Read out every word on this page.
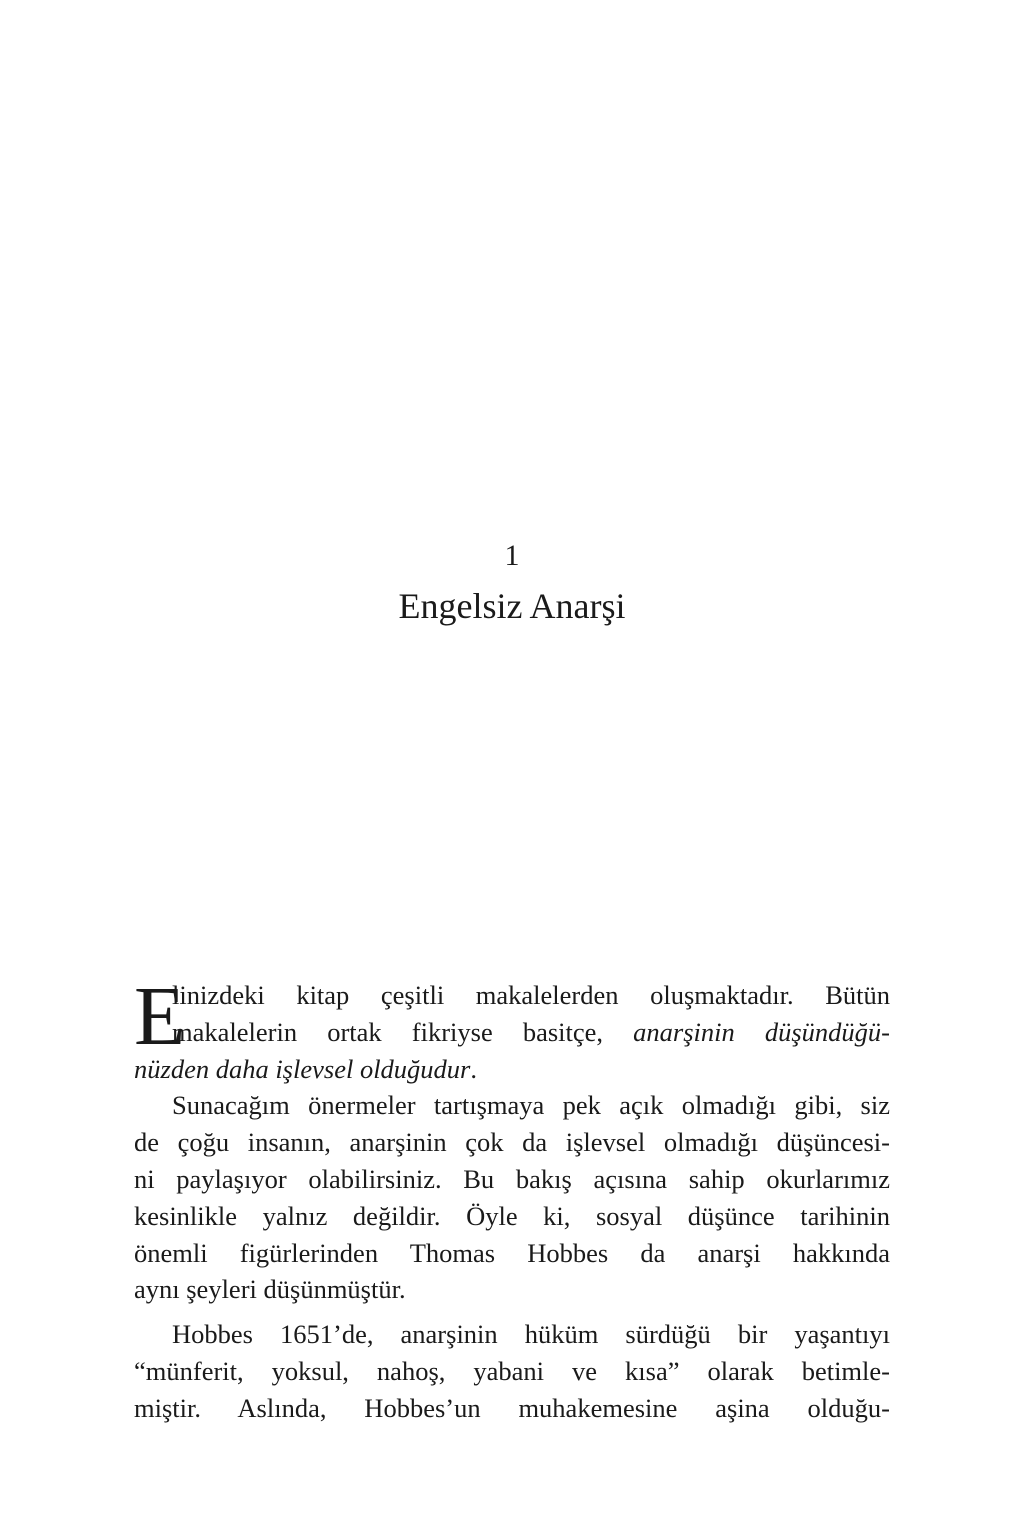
1
Engelsiz Anarşi
E
linizdeki kitap çeşitli makalelerden oluşmaktadır. Bütün
makalelerin ortak fikriyse basitçe, anarşinin düşündüğü-
nüzden daha işlevsel olduğudur.
Sunacağım önermeler tartışmaya pek açık olmadığı gibi, siz
de çoğu insanın, anarşinin çok da işlevsel olmadığı düşüncesi-
ni paylaşıyor olabilirsiniz. Bu bakış açısına sahip okurlarımız
kesinlikle yalnız değildir. Öyle ki, sosyal düşünce tarihinin
önemli figürlerinden Thomas Hobbes da anarşi hakkında
aynı şeyleri düşünmüştür.
Hobbes 1651’de, anarşinin hüküm sürdüğü bir yaşantıyı
“münferit, yoksul, nahoş, yabani ve kısa” olarak betimle-
miştir. Aslında, Hobbes’un muhakemesine aşina olduğu-
